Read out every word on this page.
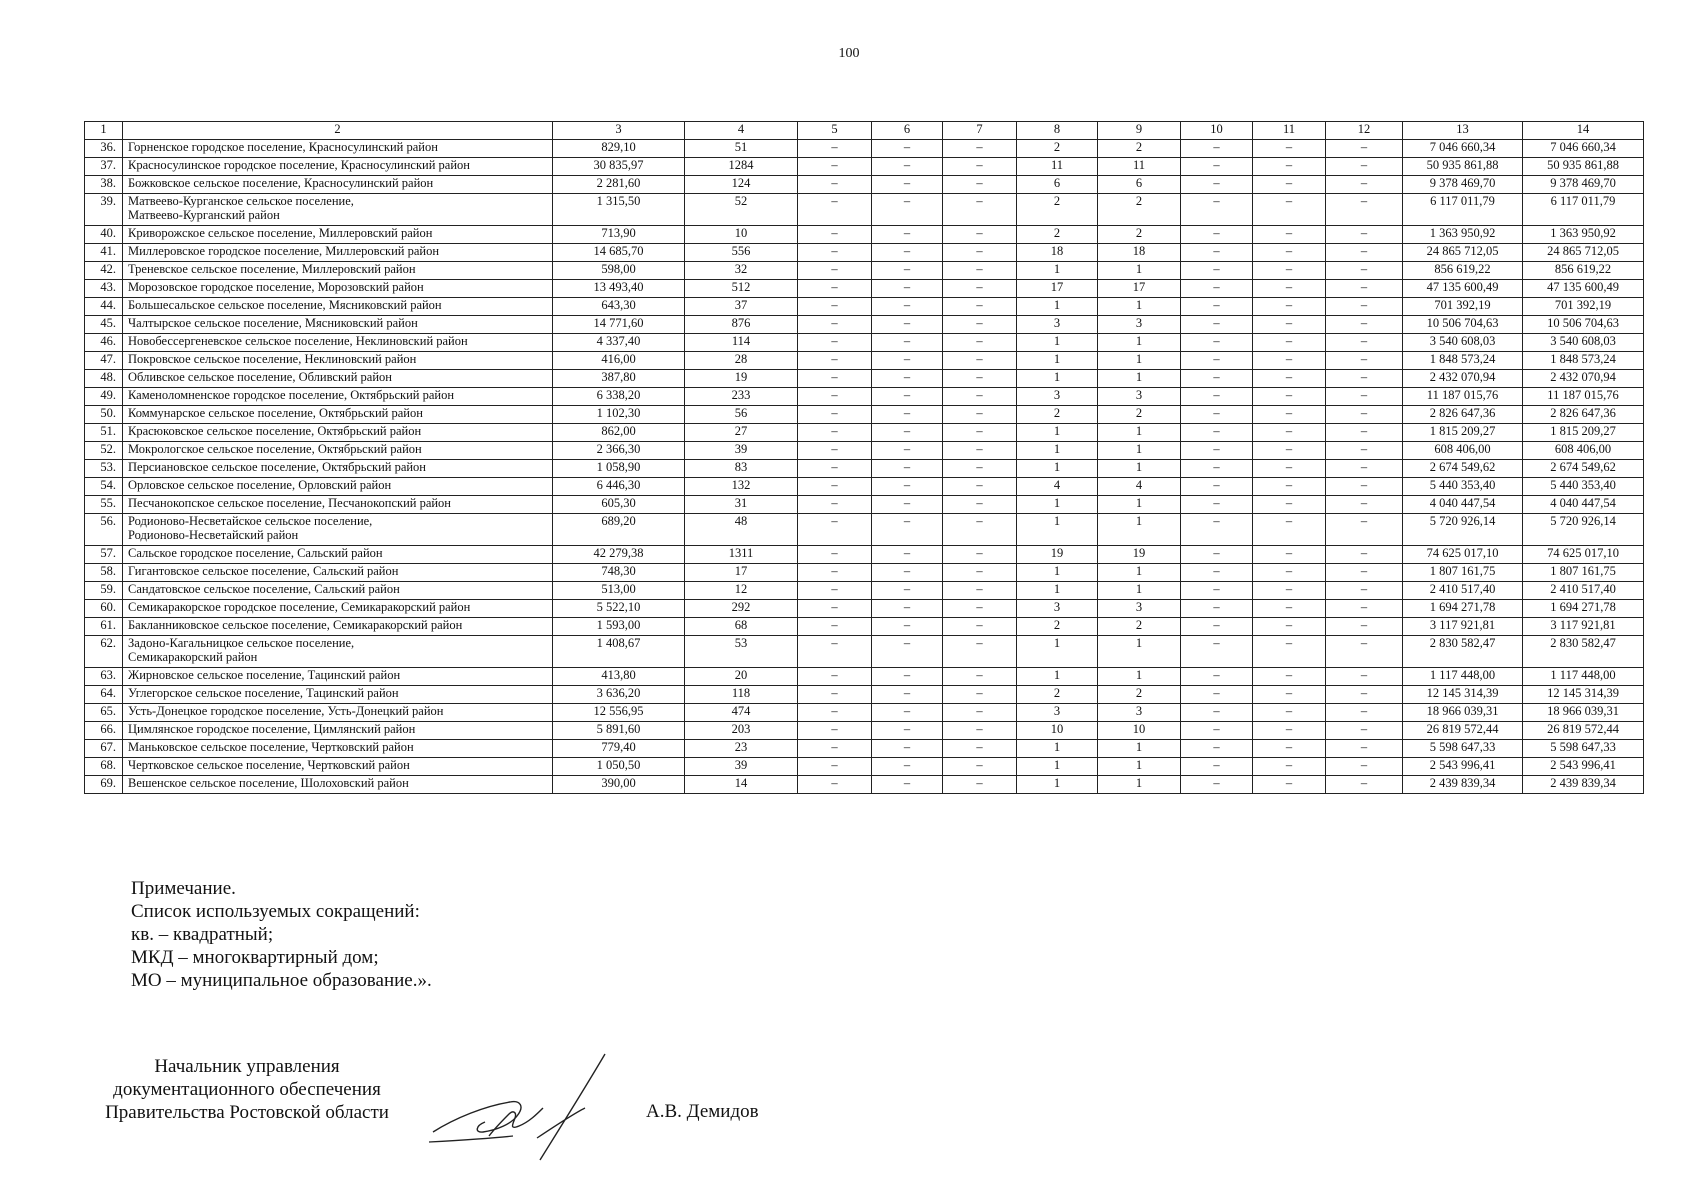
100
1	2	3	4	5	6	7	8	9	10	11	12	13	14
36.	Горненское городское поселение, Красносулинский район	829,10	51	–	–	–	2	2	–	–	–	7 046 660,34	7 046 660,34
37.	Красносулинское городское поселение, Красносулинский район	30 835,97	1284	–	–	–	11	11	–	–	–	50 935 861,88	50 935 861,88
38.	Божковское сельское поселение, Красносулинский район	2 281,60	124	–	–	–	6	6	–	–	–	9 378 469,70	9 378 469,70
39.	Матвеево-Курганское сельское поселение,
Матвеево-Курганский район	1 315,50	52	–	–	–	2	2	–	–	–	6 117 011,79	6 117 011,79
40.	Криворожское сельское поселение, Миллеровский район	713,90	10	–	–	–	2	2	–	–	–	1 363 950,92	1 363 950,92
41.	Миллеровское городское поселение, Миллеровский район	14 685,70	556	–	–	–	18	18	–	–	–	24 865 712,05	24 865 712,05
42.	Треневское сельское поселение, Миллеровский район	598,00	32	–	–	–	1	1	–	–	–	856 619,22	856 619,22
43.	Морозовское городское поселение, Морозовский район	13 493,40	512	–	–	–	17	17	–	–	–	47 135 600,49	47 135 600,49
44.	Большесальское сельское поселение, Мясниковский район	643,30	37	–	–	–	1	1	–	–	–	701 392,19	701 392,19
45.	Чалтырское сельское поселение, Мясниковский район	14 771,60	876	–	–	–	3	3	–	–	–	10 506 704,63	10 506 704,63
46.	Новобессергеневское сельское поселение, Неклиновский район	4 337,40	114	–	–	–	1	1	–	–	–	3 540 608,03	3 540 608,03
47.	Покровское сельское поселение, Неклиновский район	416,00	28	–	–	–	1	1	–	–	–	1 848 573,24	1 848 573,24
48.	Обливское сельское поселение, Обливский район	387,80	19	–	–	–	1	1	–	–	–	2 432 070,94	2 432 070,94
49.	Каменоломненское городское поселение, Октябрьский район	6 338,20	233	–	–	–	3	3	–	–	–	11 187 015,76	11 187 015,76
50.	Коммунарское сельское поселение, Октябрьский район	1 102,30	56	–	–	–	2	2	–	–	–	2 826 647,36	2 826 647,36
51.	Красюковское сельское поселение, Октябрьский район	862,00	27	–	–	–	1	1	–	–	–	1 815 209,27	1 815 209,27
52.	Мокрологское сельское поселение, Октябрьский район	2 366,30	39	–	–	–	1	1	–	–	–	608 406,00	608 406,00
53.	Персиановское сельское поселение, Октябрьский район	1 058,90	83	–	–	–	1	1	–	–	–	2 674 549,62	2 674 549,62
54.	Орловское сельское поселение, Орловский район	6 446,30	132	–	–	–	4	4	–	–	–	5 440 353,40	5 440 353,40
55.	Песчанокопское сельское поселение, Песчанокопский район	605,30	31	–	–	–	1	1	–	–	–	4 040 447,54	4 040 447,54
56.	Родионово-Несветайское сельское поселение,
Родионово-Несветайский район	689,20	48	–	–	–	1	1	–	–	–	5 720 926,14	5 720 926,14
57.	Сальское городское поселение, Сальский район	42 279,38	1311	–	–	–	19	19	–	–	–	74 625 017,10	74 625 017,10
58.	Гигантовское сельское поселение, Сальский район	748,30	17	–	–	–	1	1	–	–	–	1 807 161,75	1 807 161,75
59.	Сандатовское сельское поселение, Сальский район	513,00	12	–	–	–	1	1	–	–	–	2 410 517,40	2 410 517,40
60.	Семикаракорское городское поселение, Семикаракорский район	5 522,10	292	–	–	–	3	3	–	–	–	1 694 271,78	1 694 271,78
61.	Бакланниковское сельское поселение, Семикаракорский район	1 593,00	68	–	–	–	2	2	–	–	–	3 117 921,81	3 117 921,81
62.	Задоно-Кагальницкое сельское поселение,
Семикаракорский район	1 408,67	53	–	–	–	1	1	–	–	–	2 830 582,47	2 830 582,47
63.	Жирновское сельское поселение, Тацинский район	413,80	20	–	–	–	1	1	–	–	–	1 117 448,00	1 117 448,00
64.	Углегорское сельское поселение, Тацинский район	3 636,20	118	–	–	–	2	2	–	–	–	12 145 314,39	12 145 314,39
65.	Усть-Донецкое городское поселение, Усть-Донецкий район	12 556,95	474	–	–	–	3	3	–	–	–	18 966 039,31	18 966 039,31
66.	Цимлянское городское поселение, Цимлянский район	5 891,60	203	–	–	–	10	10	–	–	–	26 819 572,44	26 819 572,44
67.	Маньковское сельское поселение, Чертковский район	779,40	23	–	–	–	1	1	–	–	–	5 598 647,33	5 598 647,33
68.	Чертковское сельское поселение, Чертковский район	1 050,50	39	–	–	–	1	1	–	–	–	2 543 996,41	2 543 996,41
69.	Вешенское сельское поселение, Шолоховский район	390,00	14	–	–	–	1	1	–	–	–	2 439 839,34	2 439 839,34
Примечание.
Список используемых сокращений:
кв. – квадратный;
МКД – многоквартирный дом;
МО – муниципальное образование.».
Начальник управления
документационного обеспечения
Правительства Ростовской области	А.В. Демидов
